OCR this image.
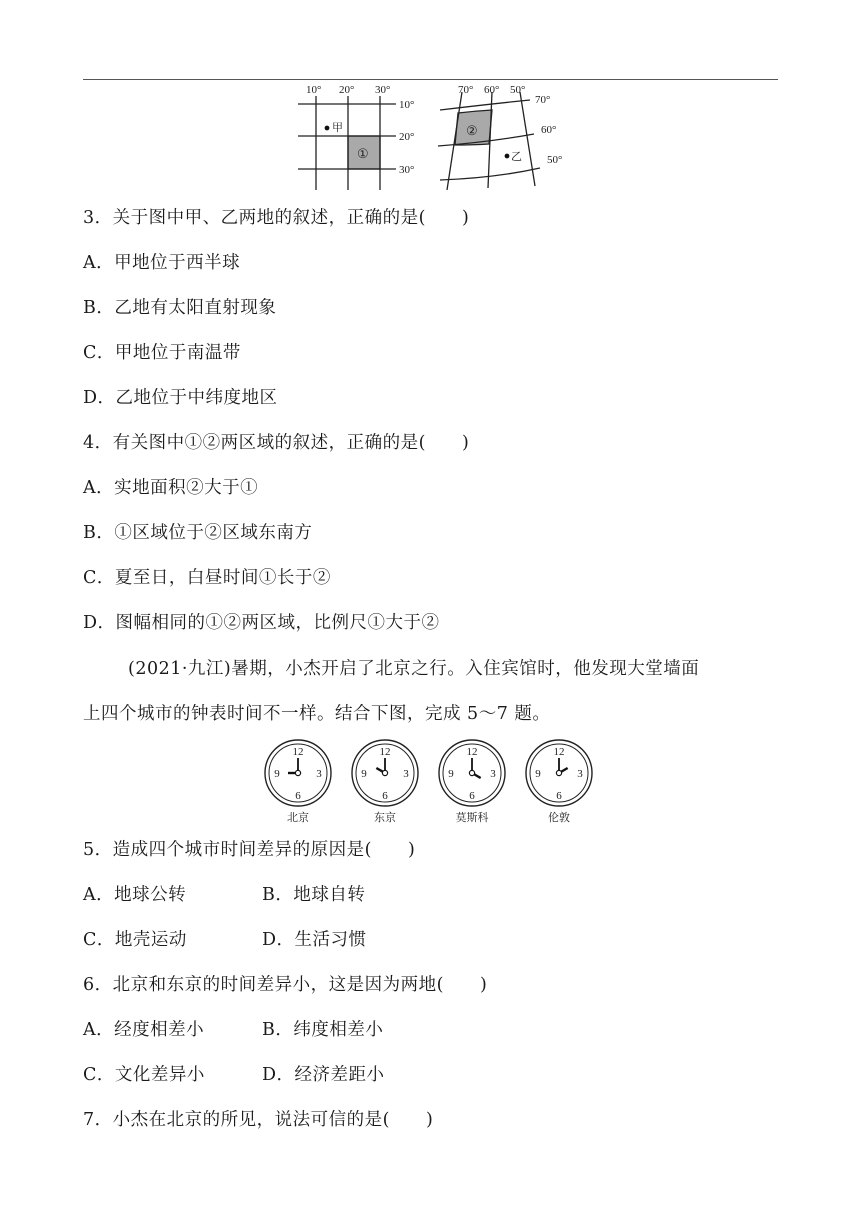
10° 20° 30°
10°
20°
30°
甲
①
70° 60° 50°
70°
60°
50°
②
乙
3．关于图中甲、乙两地的叙述，正确的是(　　)
A．甲地位于西半球
B．乙地有太阳直射现象
C．甲地位于南温带
D．乙地位于中纬度地区
4．有关图中①②两区域的叙述，正确的是(　　)
A．实地面积②大于①
B．①区域位于②区域东南方
C．夏至日，白昼时间①长于②
D．图幅相同的①②两区域，比例尺①大于②
(2021·九江)暑期，小杰开启了北京之行。入住宾馆时，他发现大堂墙面
上四个城市的钟表时间不一样。结合下图，完成 5～7 题。
12
3
6
9
北京
12
3
6
9
东京
12
3
6
9
莫斯科
12
3
6
9
伦敦
5．造成四个城市时间差异的原因是(　　)
A．地球公转	B．地球自转
C．地壳运动	D．生活习惯
6．北京和东京的时间差异小，这是因为两地(　　)
A．经度相差小	B．纬度相差小
C．文化差异小	D．经济差距小
7．小杰在北京的所见，说法可信的是(　　)
